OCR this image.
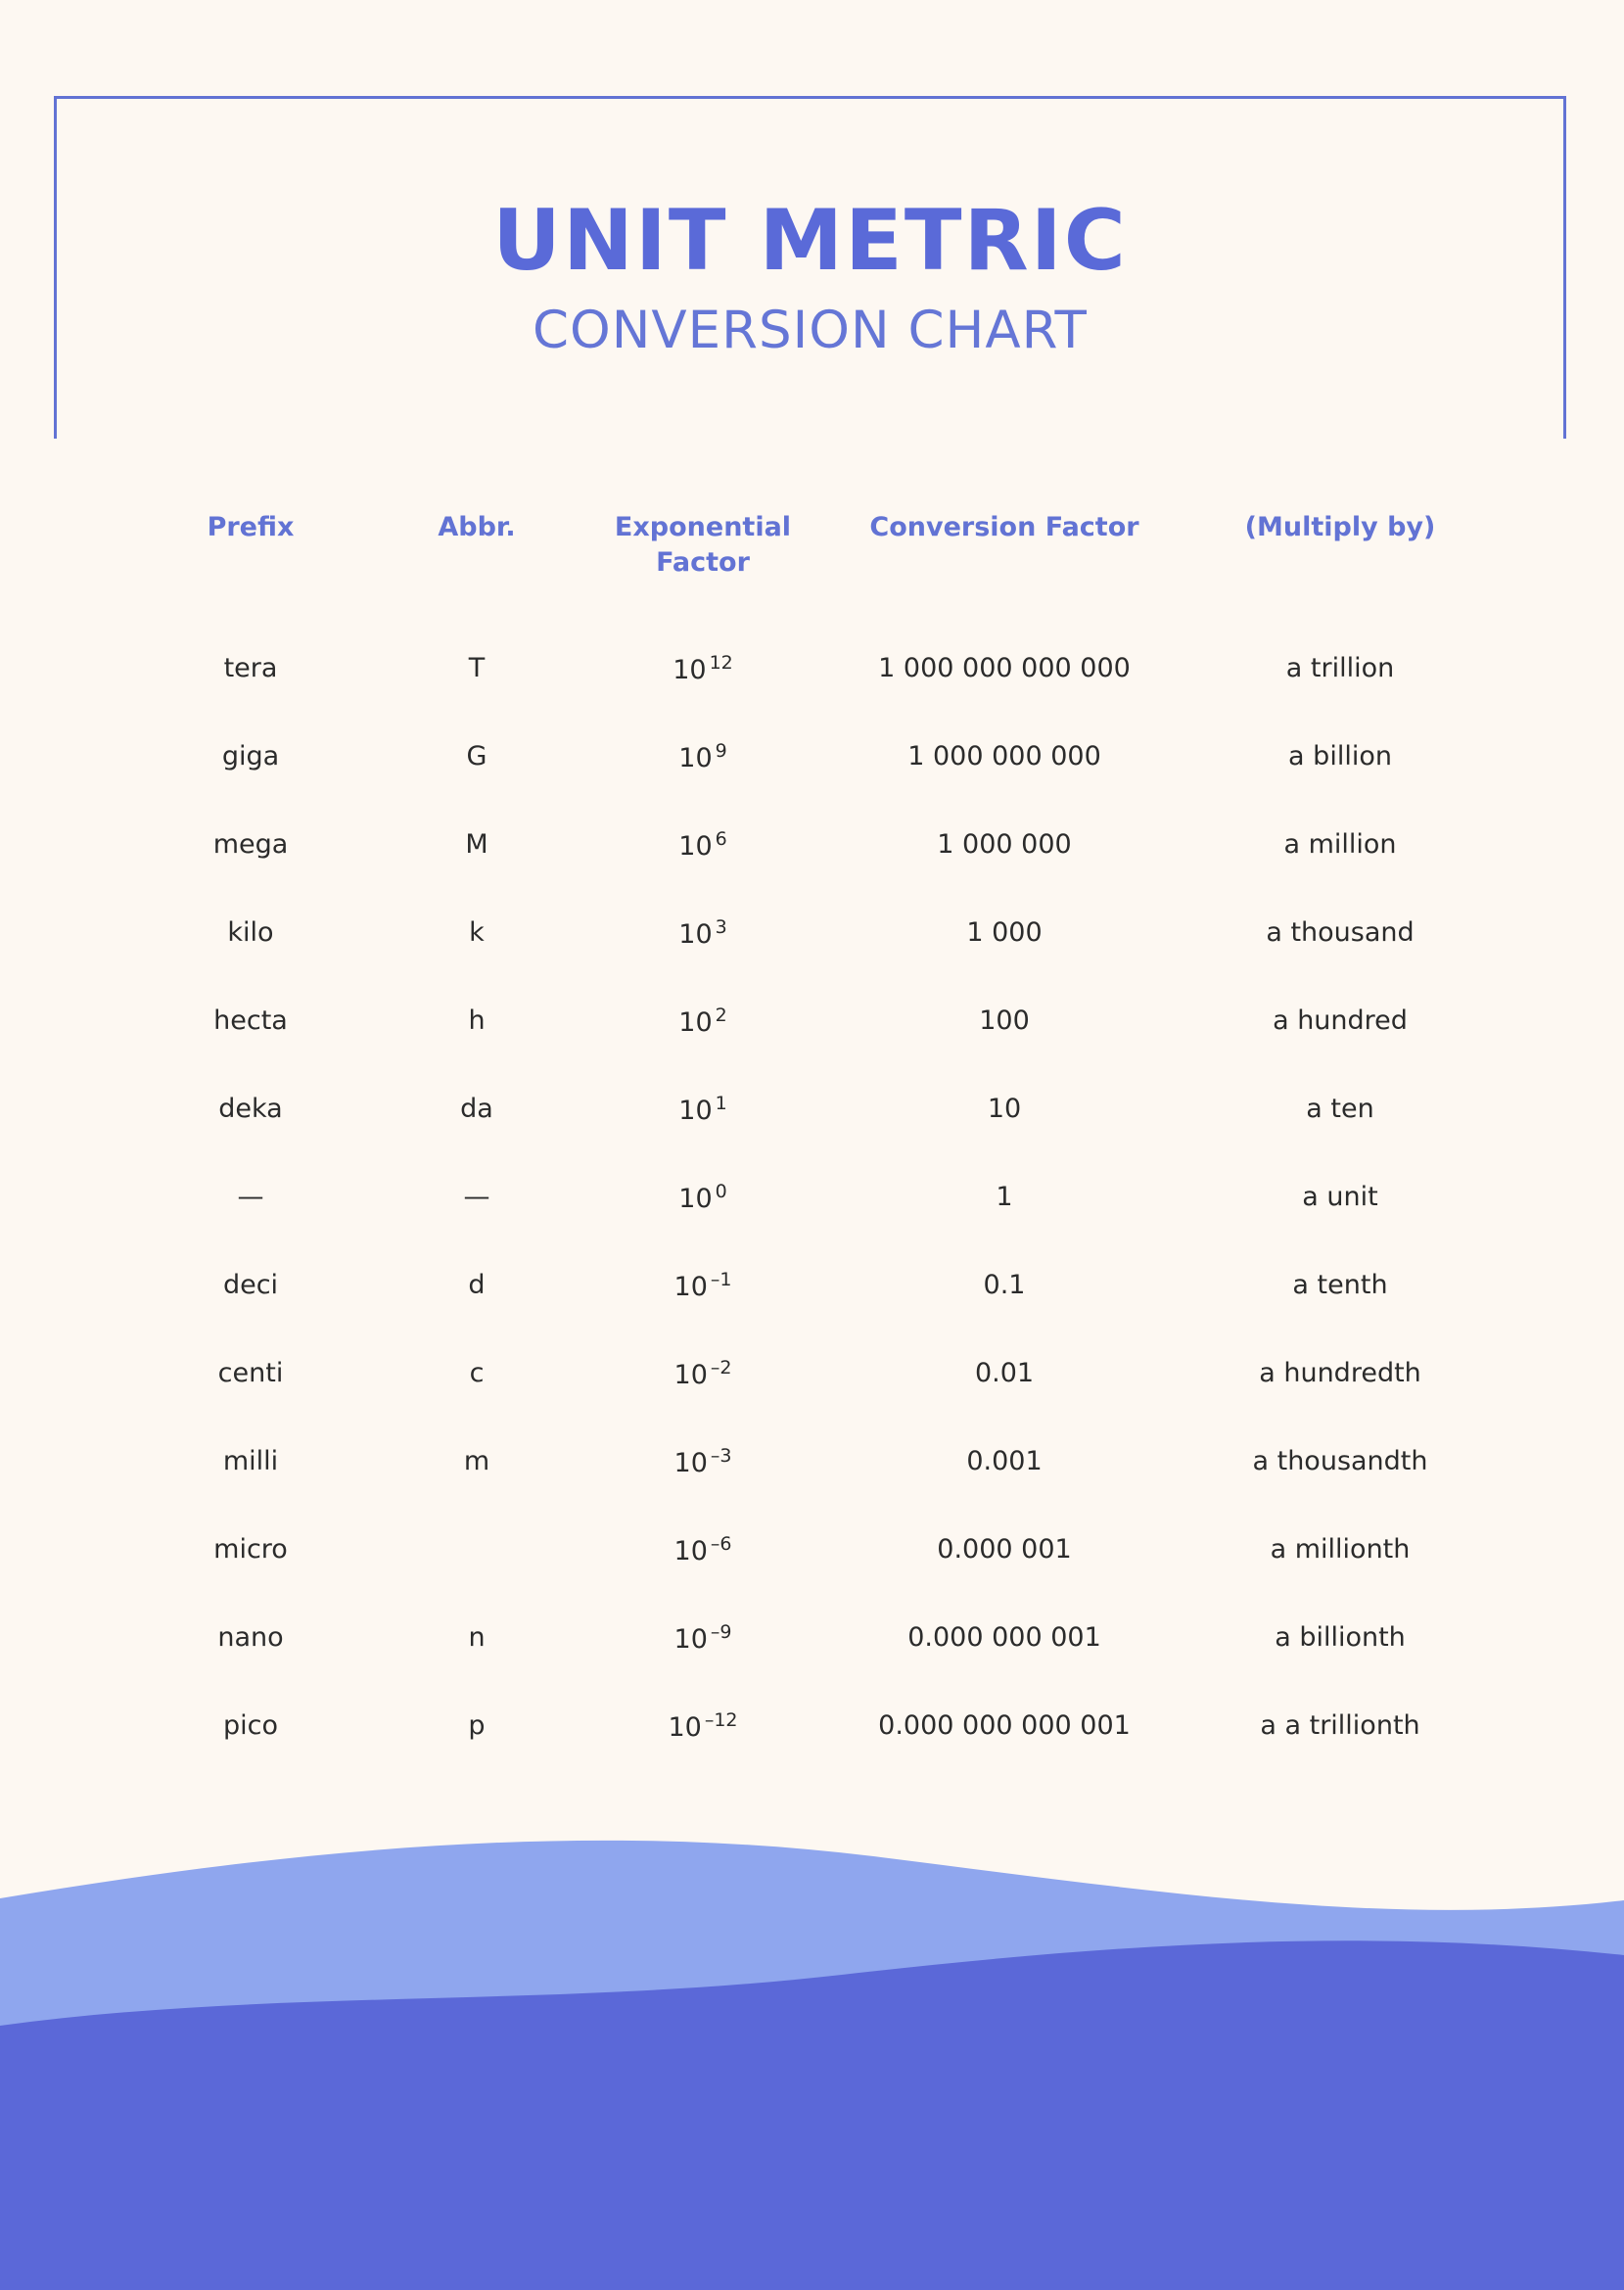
UNIT METRIC
CONVERSION CHART
Prefix	Abbr.	Exponential Factor	Conversion Factor	(Multiply by)
tera	T	10 $^{12}$	1 000 000 000 000	a trillion
giga	G	10 $^9$	1 000 000 000	a billion
mega	M	10 $^6$	1 000 000	a million
kilo	k	10 $^3$	1 000	a thousand
hecta	h	10 $^2$	100	a hundred
deka	da	10 $^1$	10	a ten
—	—	10 $^0$	1	a unit
deci	d	10 $^{-1}$	0.1	a tenth
centi	c	10 $^{-2}$	0.01	a hundredth
milli	m	10 $^{-3}$	0.001	a thousandth
micro		10 $^{-6}$	0.000 001	a millionth
nano	n	10 $^{-9}$	0.000 000 001	a billionth
pico	p	10 $^{-12}$	0.000 000 000 001	a a trillionth
